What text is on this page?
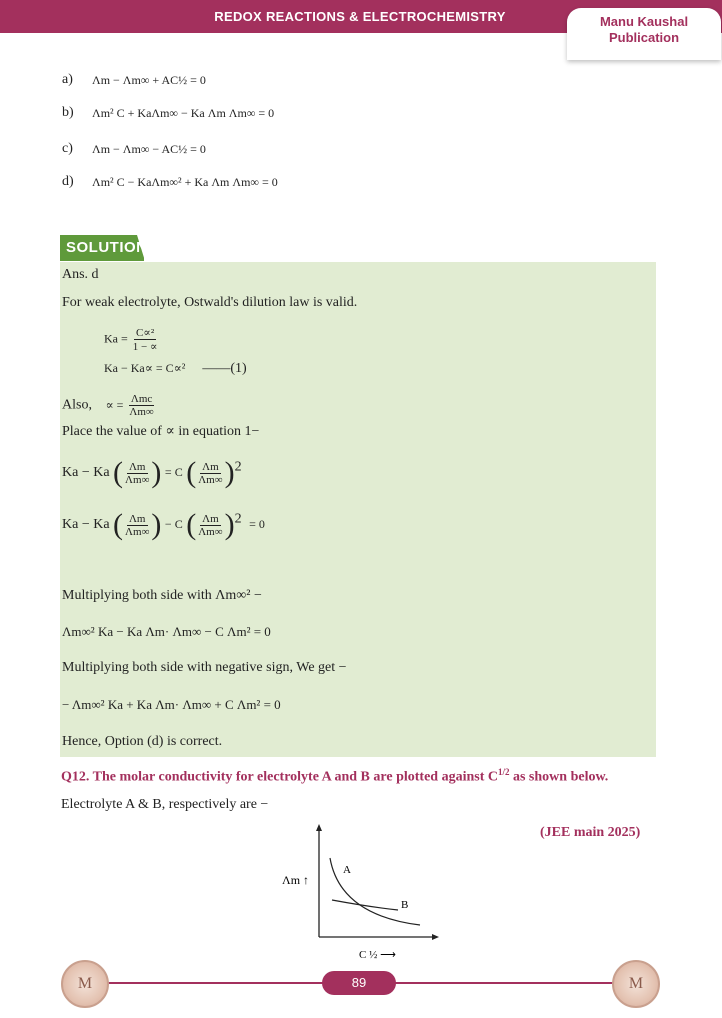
REDOX REACTIONS & ELECTROCHEMISTRY	Manu Kaushal
Publication
a)	Λm − Λm∞ + AC½ = 0
b)	Λm² C + KaΛm∞ − Ka Λm Λm∞ = 0
c)	Λm − Λm∞ − AC½ = 0
d)	Λm² C − KaΛm∞² + Ka Λm Λm∞ = 0
SOLUTION
Ans. d
For weak electrolyte, Ostwald's dilution law is valid.
$Ka = \frac{\text{C∝²}}{1 - \propto}$
Ka − Ka∝ = C∝² ——(1)
Also, ∝ = $\frac{\text{Λmc}}{\Lambda m\infty}$
Place the value of ∝ in equation 1−
Ka − Ka ( $\frac{\Lambda m}{\Lambda m\infty}$ ) = C ( $\frac{\Lambda m}{\Lambda m\infty} )^2$
Ka − Ka ( $\frac{\Lambda m}{\Lambda m\infty}$ ) − C ( $\frac{\Lambda m}{\Lambda m\infty} )^2 = 0$
Multiplying both side with Λm∞² −
Λm∞² Ka − Ka Λm· Λm∞ − C Λm² = 0
Multiplying both side with negative sign, We get −
− Λm∞² Ka + Ka Λm· Λm∞ + C Λm² = 0
Hence, Option (d) is correct.
Q12. The molar conductivity for electrolyte A and B are plotted against $C^{1/2}$ as shown below.
Electrolyte A & B, respectively are −
(JEE main 2025)
Λm ↑
A
B
C ½ ⟶
M	M
89
